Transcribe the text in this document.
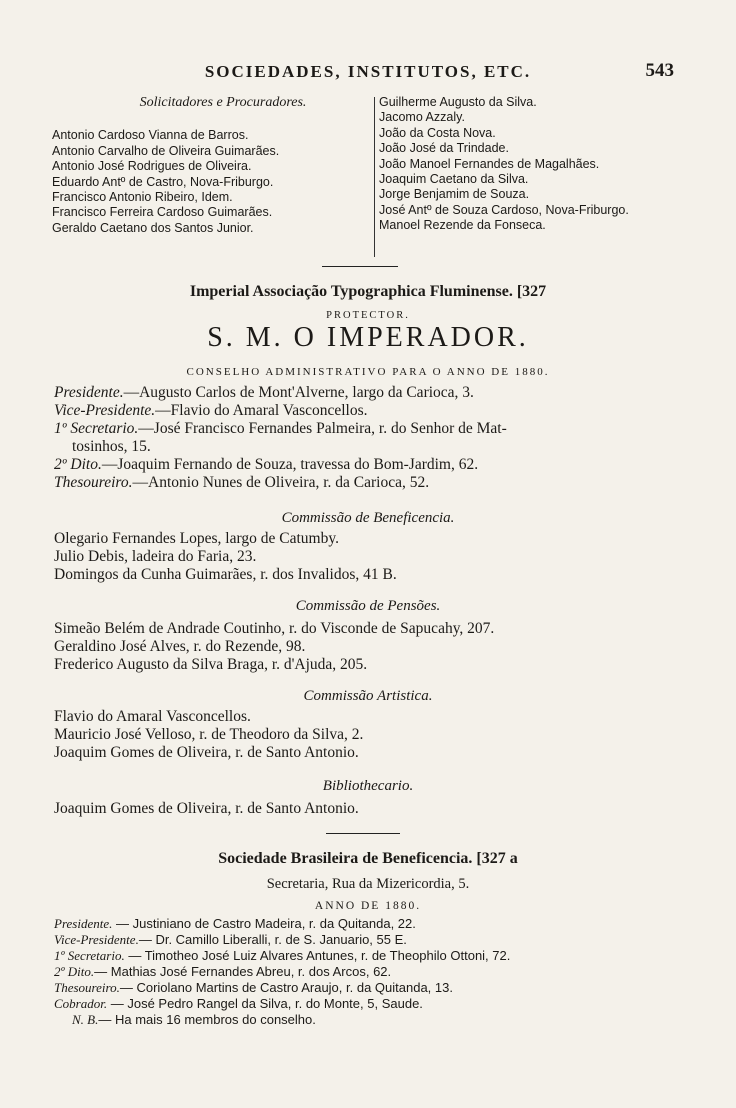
SOCIEDADES, INSTITUTOS, ETC.	543
Solicitadores e Procuradores.
Antonio Cardoso Vianna de Barros.
Antonio Carvalho de Oliveira Guimarães.
Antonio José Rodrigues de Oliveira.
Eduardo Antº de Castro, Nova-Friburgo.
Francisco Antonio Ribeiro, Idem.
Francisco Ferreira Cardoso Guimarães.
Geraldo Caetano dos Santos Junior.
Guilherme Augusto da Silva.
Jacomo Azzaly.
João da Costa Nova.
João José da Trindade.
João Manoel Fernandes de Magalhães.
Joaquim Caetano da Silva.
Jorge Benjamim de Souza.
José Antº de Souza Cardoso, Nova-Friburgo.
Manoel Rezende da Fonseca.
Imperial Associação Typographica Fluminense. [327
PROTECTOR.
S. M. O IMPERADOR.
CONSELHO ADMINISTRATIVO PARA O ANNO DE 1880.
Presidente.—Augusto Carlos de Mont'Alverne, largo da Carioca, 3.
Vice-Presidente.—Flavio do Amaral Vasconcellos.
1º Secretario.—José Francisco Fernandes Palmeira, r. do Senhor de Mat-
tosinhos, 15.
2º Dito.—Joaquim Fernando de Souza, travessa do Bom-Jardim, 62.
Thesoureiro.—Antonio Nunes de Oliveira, r. da Carioca, 52.
Commissão de Beneficencia.
Olegario Fernandes Lopes, largo de Catumby.
Julio Debis, ladeira do Faria, 23.
Domingos da Cunha Guimarães, r. dos Invalidos, 41 B.
Commissão de Pensões.
Simeão Belém de Andrade Coutinho, r. do Visconde de Sapucahy, 207.
Geraldino José Alves, r. do Rezende, 98.
Frederico Augusto da Silva Braga, r. d'Ajuda, 205.
Commissão Artistica.
Flavio do Amaral Vasconcellos.
Mauricio José Velloso, r. de Theodoro da Silva, 2.
Joaquim Gomes de Oliveira, r. de Santo Antonio.
Bibliothecario.
Joaquim Gomes de Oliveira, r. de Santo Antonio.
Sociedade Brasileira de Beneficencia. [327 a
Secretaria, Rua da Mizericordia, 5.
ANNO DE 1880.
Presidente. — Justiniano de Castro Madeira, r. da Quitanda, 22.
Vice-Presidente.— Dr. Camillo Liberalli, r. de S. Januario, 55 E.
1º Secretario. — Timotheo José Luiz Alvares Antunes, r. de Theophilo Ottoni, 72.
2º Dito.— Mathias José Fernandes Abreu, r. dos Arcos, 62.
Thesoureiro.— Coriolano Martins de Castro Araujo, r. da Quitanda, 13.
Cobrador. — José Pedro Rangel da Silva, r. do Monte, 5, Saude.
N. B.— Ha mais 16 membros do conselho.
